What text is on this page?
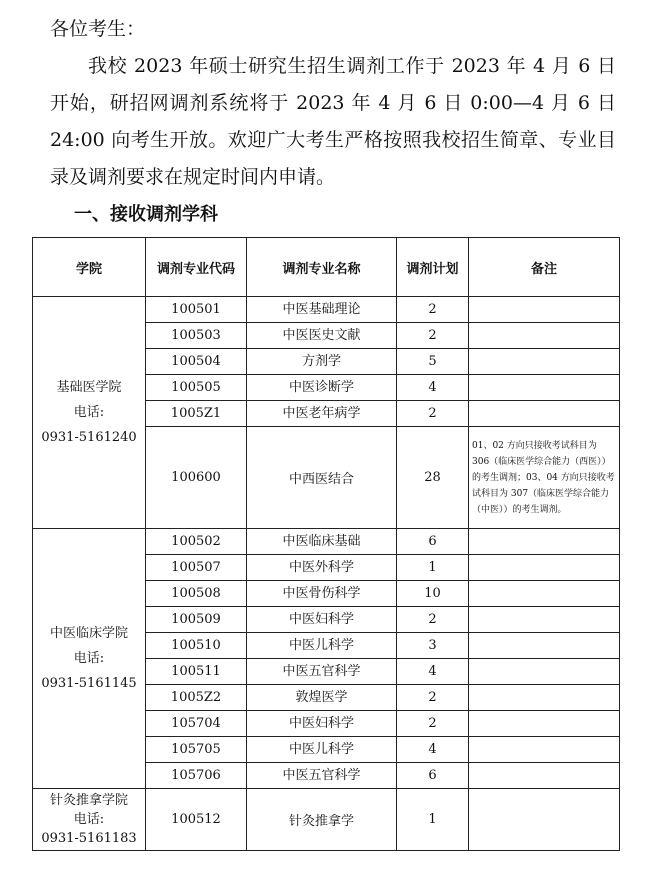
各位考生：

我校 2023 年硕士研究生招生调剂工作于 2023 年 4 月 6 日开始，研招网调剂系统将于 2023 年 4 月 6 日 0:00—4 月 6 日 24:00 向考生开放。欢迎广大考生严格按照我校招生简章、专业目录及调剂要求在规定时间内申请。

一、接收调剂学科
学院	调剂专业代码	调剂专业名称	调剂计划	备注

基础医学院
电话:
0931-5161240	100501	中医基础理论	2	
	100503	中医医史文献	2	
	100504	方剂学	5	
	100505	中医诊断学	4	
	1005Z1	中医老年病学	2	
	100600	中西医结合	28	01、02 方向只接收考试科目为 306（临床医学综合能力（西医））的考生调剂；03、04 方向只接收考试科目为 307（临床医学综合能力（中医））的考生调剂。

中医临床学院
电话:
0931-5161145	100502	中医临床基础	6	
	100507	中医外科学	1	
	100508	中医骨伤科学	10	
	100509	中医妇科学	2	
	100510	中医儿科学	3	
	100511	中医五官科学	4	
	1005Z2	敦煌医学	2	
	105704	中医妇科学	2	
	105705	中医儿科学	4	
	105706	中医五官科学	6	

针灸推拿学院
电话:
0931-5161183	100512	针灸推拿学	1	
